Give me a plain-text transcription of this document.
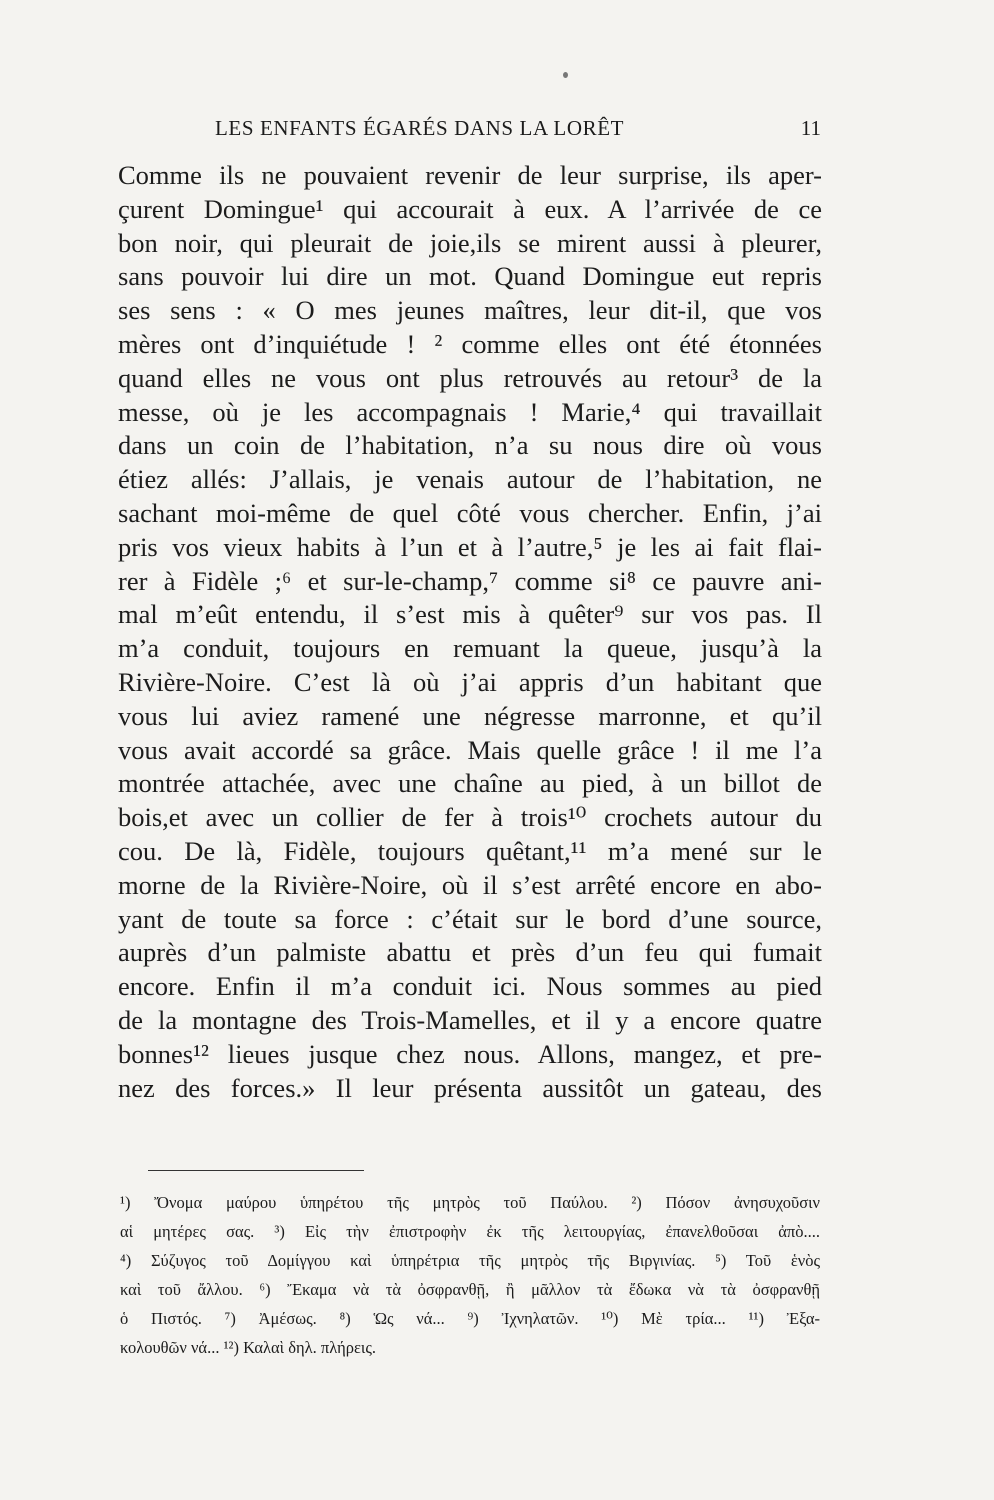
LES ENFANTS ÉGARÉS DANS LA LORÊT	11
Comme ils ne pouvaient revenir de leur surprise, ils aper-
çurent Domingue¹ qui accourait à eux. A l’arrivée de ce
bon noir, qui pleurait de joie,ils se mirent aussi à pleurer,
sans pouvoir lui dire un mot. Quand Domingue eut repris
ses sens : « O mes jeunes maîtres, leur dit-il, que vos
mères ont d’inquiétude ! ² comme elles ont été étonnées
quand elles ne vous ont plus retrouvés au retour³ de la
messe, où je les accompagnais ! Marie,⁴ qui travaillait
dans un coin de l’habitation, n’a su nous dire où vous
étiez allés: J’allais, je venais autour de l’habitation, ne
sachant moi-même de quel côté vous chercher. Enfin, j’ai
pris vos vieux habits à l’un et à l’autre,⁵ je les ai fait flai-
rer à Fidèle ;⁶ et sur-le-champ,⁷ comme si⁸ ce pauvre ani-
mal m’eût entendu, il s’est mis à quêter⁹ sur vos pas. Il
m’a conduit, toujours en remuant la queue, jusqu’à la
Rivière-Noire. C’est là où j’ai appris d’un habitant que
vous lui aviez ramené une négresse marronne, et qu’il
vous avait accordé sa grâce. Mais quelle grâce ! il me l’a
montrée attachée, avec une chaîne au pied, à un billot de
bois,et avec un collier de fer à trois¹⁰ crochets autour du
cou. De là, Fidèle, toujours quêtant,¹¹ m’a mené sur le
morne de la Rivière-Noire, où il s’est arrêté encore en abo-
yant de toute sa force : c’était sur le bord d’une source,
auprès d’un palmiste abattu et près d’un feu qui fumait
encore. Enfin il m’a conduit ici. Nous sommes au pied
de la montagne des Trois-Mamelles, et il y a encore quatre
bonnes¹² lieues jusque chez nous. Allons, mangez, et pre-
nez des forces.» Il leur présenta aussitôt un gateau, des
¹) Ὄνομα μαύρου ὑπηρέτου τῆς μητρὸς τοῦ Παύλου. ²) Πόσον ἀνησυχοῦσιν
αἱ μητέρες σας. ³) Εἰς τὴν ἐπιστροφὴν ἐκ τῆς λειτουργίας, ἐπανελθοῦσαι ἀπὸ....
⁴) Σύζυγος τοῦ Δομίγγου καὶ ὑπηρέτρια τῆς μητρὸς τῆς Βιργινίας. ⁵) Τοῦ ἑνὸς
καὶ τοῦ ἄλλου. ⁶) Ἔκαμα νὰ τὰ ὀσφρανθῇ, ἢ μᾶλλον τὰ ἔδωκα νὰ τὰ ὀσφρανθῇ
ὁ Πιστός. ⁷) Ἀμέσως. ⁸) Ὡς νά... ⁹) Ἰχνηλατῶν. ¹⁰) Μὲ τρία... ¹¹) Ἐξα-
κολουθῶν νά... ¹²) Καλαὶ δηλ. πλήρεις.
